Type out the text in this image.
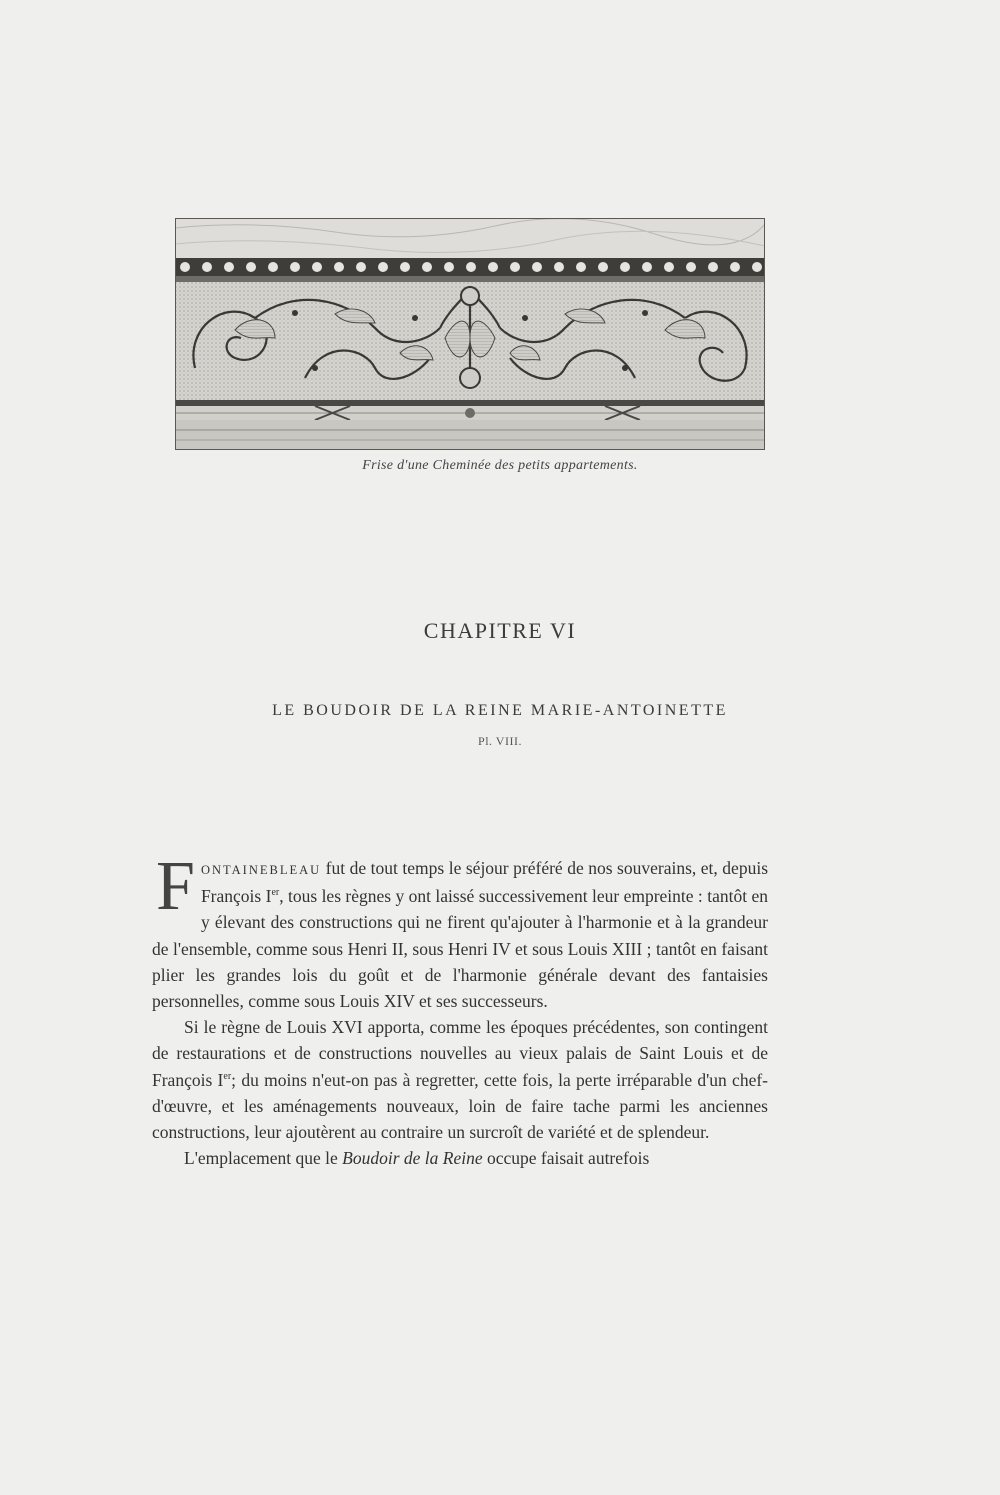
Frise d'une Cheminée des petits appartements.
CHAPITRE VI
LE BOUDOIR DE LA REINE MARIE-ANTOINETTE
Pl. VIII.

FONTAINEBLEAU fut de tout temps le séjour préféré de nos souverains, et, depuis François Ier, tous les règnes y ont laissé successivement leur empreinte : tantôt en y élevant des constructions qui ne firent qu'ajouter à l'harmonie et à la grandeur de l'ensemble, comme sous Henri II, sous Henri IV et sous Louis XIII ; tantôt en faisant plier les grandes lois du goût et de l'harmonie générale devant des fantaisies personnelles, comme sous Louis XIV et ses successeurs.

Si le règne de Louis XVI apporta, comme les époques précédentes, son contingent de restaurations et de constructions nouvelles au vieux palais de Saint Louis et de François Ier; du moins n'eut-on pas à regretter, cette fois, la perte irréparable d'un chef-d'œuvre, et les aménagements nouveaux, loin de faire tache parmi les anciennes constructions, leur ajoutèrent au contraire un surcroît de variété et de splendeur.

L'emplacement que le Boudoir de la Reine occupe faisait autrefois
